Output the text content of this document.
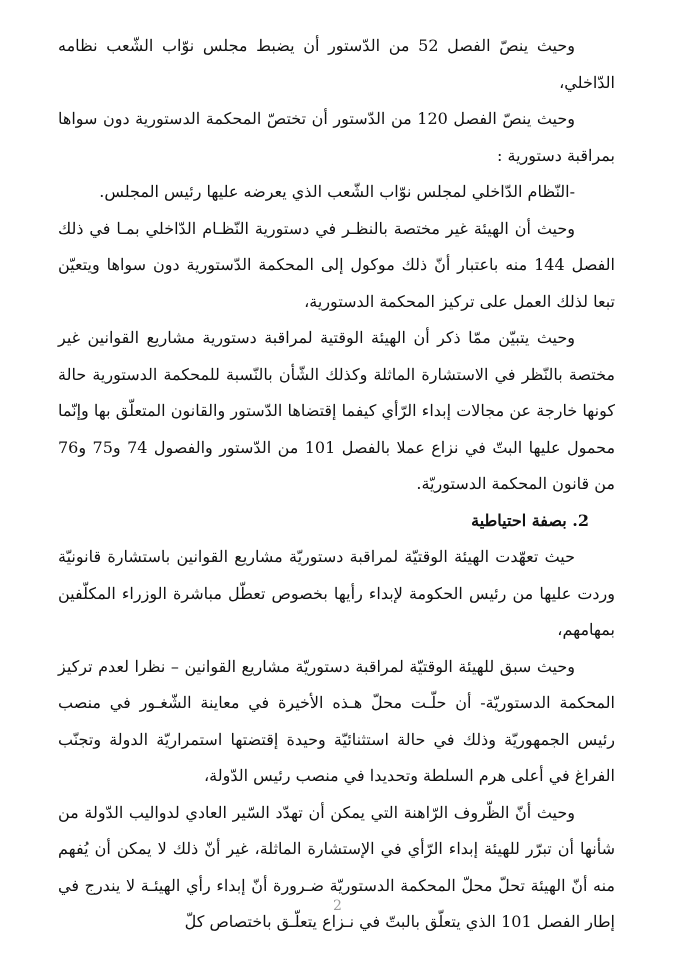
وحيث ينصّ الفصل 52 من الدّستور أن يضبط مجلس نوّاب الشّعب نظامه الدّاخلي،

وحيث ينصّ الفصل 120 من الدّستور أن تختصّ المحكمة الدستورية دون سواها بمراقبة دستورية :

-النّظام الدّاخلي لمجلس نوّاب الشّعب الذي يعرضه عليها رئيس المجلس.

وحيث أن الهيئة غير مختصة بالنظـر في دستورية النّظـام الدّاخلي بمـا في ذلك الفصل 144 منه باعتبار أنّ ذلك موكول إلى المحكمة الدّستورية دون سواها ويتعيّن تبعا لذلك العمل على تركيز المحكمة الدستورية،

وحيث يتبيّن ممّا ذكر أن الهيئة الوقتية لمراقبة دستورية مشاريع القوانين غير مختصة بالنّظر في الاستشارة الماثلة وكذلك الشّأن بالنّسبة للمحكمة الدستورية حالة كونها خارجة عن مجالات إبداء الرّأي كيفما إقتضاها الدّستور والقانون المتعلّق بها وإنّما محمول عليها البتّ في نزاع عملا بالفصل 101 من الدّستور والفصول 74 و75 و76 من قانون المحكمة الدستوريّة.

2. بصفة احتياطية

حيث تعهّدت الهيئة الوقتيّة لمراقبة دستوريّة مشاريع القوانين باستشارة قانونيّة وردت عليها من رئيس الحكومة لإبداء رأيها بخصوص تعطّل مباشرة الوزراء المكلّفين بمهامهم،

وحيث سبق للهيئة الوقتيّة لمراقبة دستوريّة مشاريع القوانين – نظرا لعدم تركيز المحكمة الدستوريّة- أن حلّـت محلّ هـذه الأخيرة في معاينة الشّغـور في منصب رئيس الجمهوريّة وذلك في حالة استثنائيّة وحيدة إقتضتها استمراريّة الدولة وتجنّب الفراغ في أعلى هرم السلطة وتحديدا في منصب رئيس الدّولة،

وحيث أنّ الظّروف الرّاهنة التي يمكن أن تهدّد السّير العادي لدواليب الدّولة من شأنها أن تبرّر للهيئة إبداء الرّأي في الإستشارة الماثلة، غير أنّ ذلك لا يمكن أن يُفهم منه أنّ الهيئة تحلّ محلّ المحكمة الدستوريّة ضـرورة أنّ إبداء رأي الهيئـة لا يندرج في إطار الفصل 101 الذي يتعلّق بالبتّ في نـزاع يتعلّـق باختصاص كلّ

2
